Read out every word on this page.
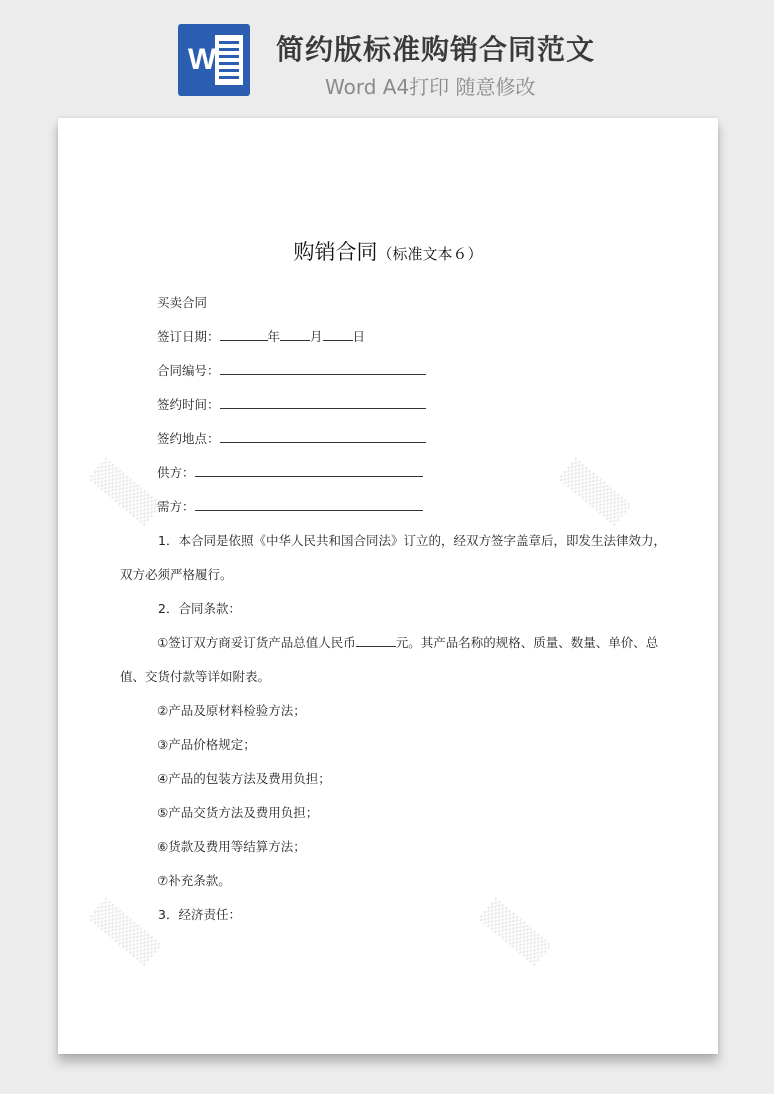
W 简约版标准购销合同范文
Word A4打印 随意修改
▒▒▒▒	▒▒▒▒
▒▒▒▒	▒▒▒▒
购销合同（标准文本６）
买卖合同
签订日期：	年 月 日
合同编号：
签约时间：
签约地点：
供方：
需方：
1．本合同是依照《中华人民共和国合同法》订立的，经双方签字盖章后，即发生法律效力，
双方必须严格履行。
2．合同条款：
①签订双方商妥订货产品总值人民币	元。其产品名称的规格、质量、数量、单价、总
值、交货付款等详如附表。
②产品及原材料检验方法；
③产品价格规定；
④产品的包装方法及费用负担；
⑤产品交货方法及费用负担；
⑥货款及费用等结算方法；
⑦补充条款。
3．经济责任：
